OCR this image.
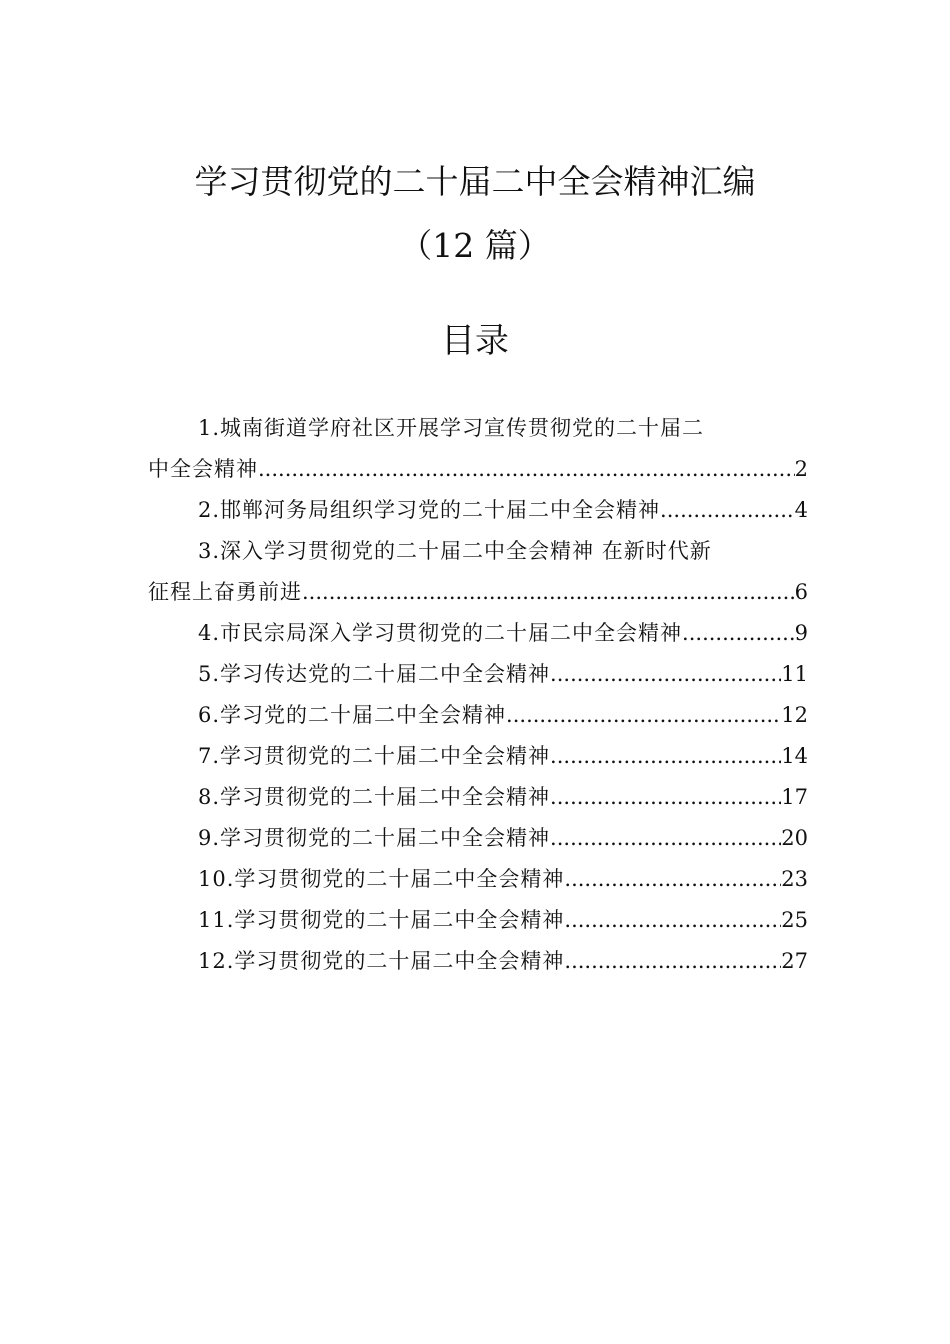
学习贯彻党的二十届二中全会精神汇编
（12 篇）
目录
1.城南街道学府社区开展学习宣传贯彻党的二十届二
中全会精神 .....	2
2.邯郸河务局组织学习党的二十届二中全会精神 .....	4
3.深入学习贯彻党的二十届二中全会精神 在新时代新
征程上奋勇前进 .....	6
4.市民宗局深入学习贯彻党的二十届二中全会精神 .....	9
5.学习传达党的二十届二中全会精神 .....	11
6.学习党的二十届二中全会精神 .....	12
7.学习贯彻党的二十届二中全会精神 .....	14
8.学习贯彻党的二十届二中全会精神 .....	17
9.学习贯彻党的二十届二中全会精神 .....	20
10.学习贯彻党的二十届二中全会精神 .....	23
11.学习贯彻党的二十届二中全会精神 .....	25
12.学习贯彻党的二十届二中全会精神 .....	27
